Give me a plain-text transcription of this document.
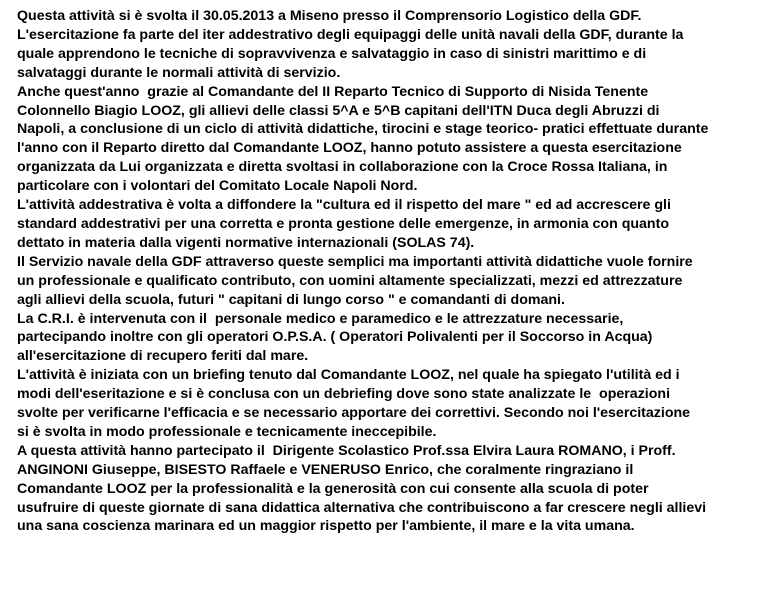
Questa attività si è svolta il 30.05.2013 a Miseno presso il Comprensorio Logistico della GDF.
L'esercitazione fa parte del iter addestrativo degli equipaggi delle unità navali della GDF, durante la
quale apprendono le tecniche di sopravvivenza e salvataggio in caso di sinistri marittimo e di
salvataggi durante le normali attività di servizio.
Anche quest'anno  grazie al Comandante del II Reparto Tecnico di Supporto di Nisida Tenente
Colonnello Biagio LOOZ, gli allievi delle classi 5^A e 5^B capitani dell'ITN Duca degli Abruzzi di
Napoli, a conclusione di un ciclo di attività didattiche, tirocini e stage teorico- pratici effettuate durante
l'anno con il Reparto diretto dal Comandante LOOZ, hanno potuto assistere a questa esercitazione
organizzata da Lui organizzata e diretta svoltasi in collaborazione con la Croce Rossa Italiana, in
particolare con i volontari del Comitato Locale Napoli Nord.
L'attività addestrativa è volta a diffondere la "cultura ed il rispetto del mare " ed ad accrescere gli
standard addestrativi per una corretta e pronta gestione delle emergenze, in armonia con quanto
dettato in materia dalla vigenti normative internazionali (SOLAS 74).
Il Servizio navale della GDF attraverso queste semplici ma importanti attività didattiche vuole fornire
un professionale e qualificato contributo, con uomini altamente specializzati, mezzi ed attrezzature
agli allievi della scuola, futuri " capitani di lungo corso " e comandanti di domani.
La C.R.I. è intervenuta con il  personale medico e paramedico e le attrezzature necessarie,
partecipando inoltre con gli operatori O.P.S.A. ( Operatori Polivalenti per il Soccorso in Acqua)
all'esercitazione di recupero feriti dal mare.
L'attività è iniziata con un briefing tenuto dal Comandante LOOZ, nel quale ha spiegato l'utilità ed i
modi dell'eseritazione e si è conclusa con un debriefing dove sono state analizzate le  operazioni
svolte per verificarne l'efficacia e se necessario apportare dei correttivi. Secondo noi l'esercitazione
si è svolta in modo professionale e tecnicamente ineccepibile.
A questa attività hanno partecipato il  Dirigente Scolastico Prof.ssa Elvira Laura ROMANO, i Proff.
ANGINONI Giuseppe, BISESTO Raffaele e VENERUSO Enrico, che coralmente ringraziano il
Comandante LOOZ per la professionalità e la generosità con cui consente alla scuola di poter
usufruire di queste giornate di sana didattica alternativa che contribuiscono a far crescere negli allievi
una sana coscienza marinara ed un maggior rispetto per l'ambiente, il mare e la vita umana.
